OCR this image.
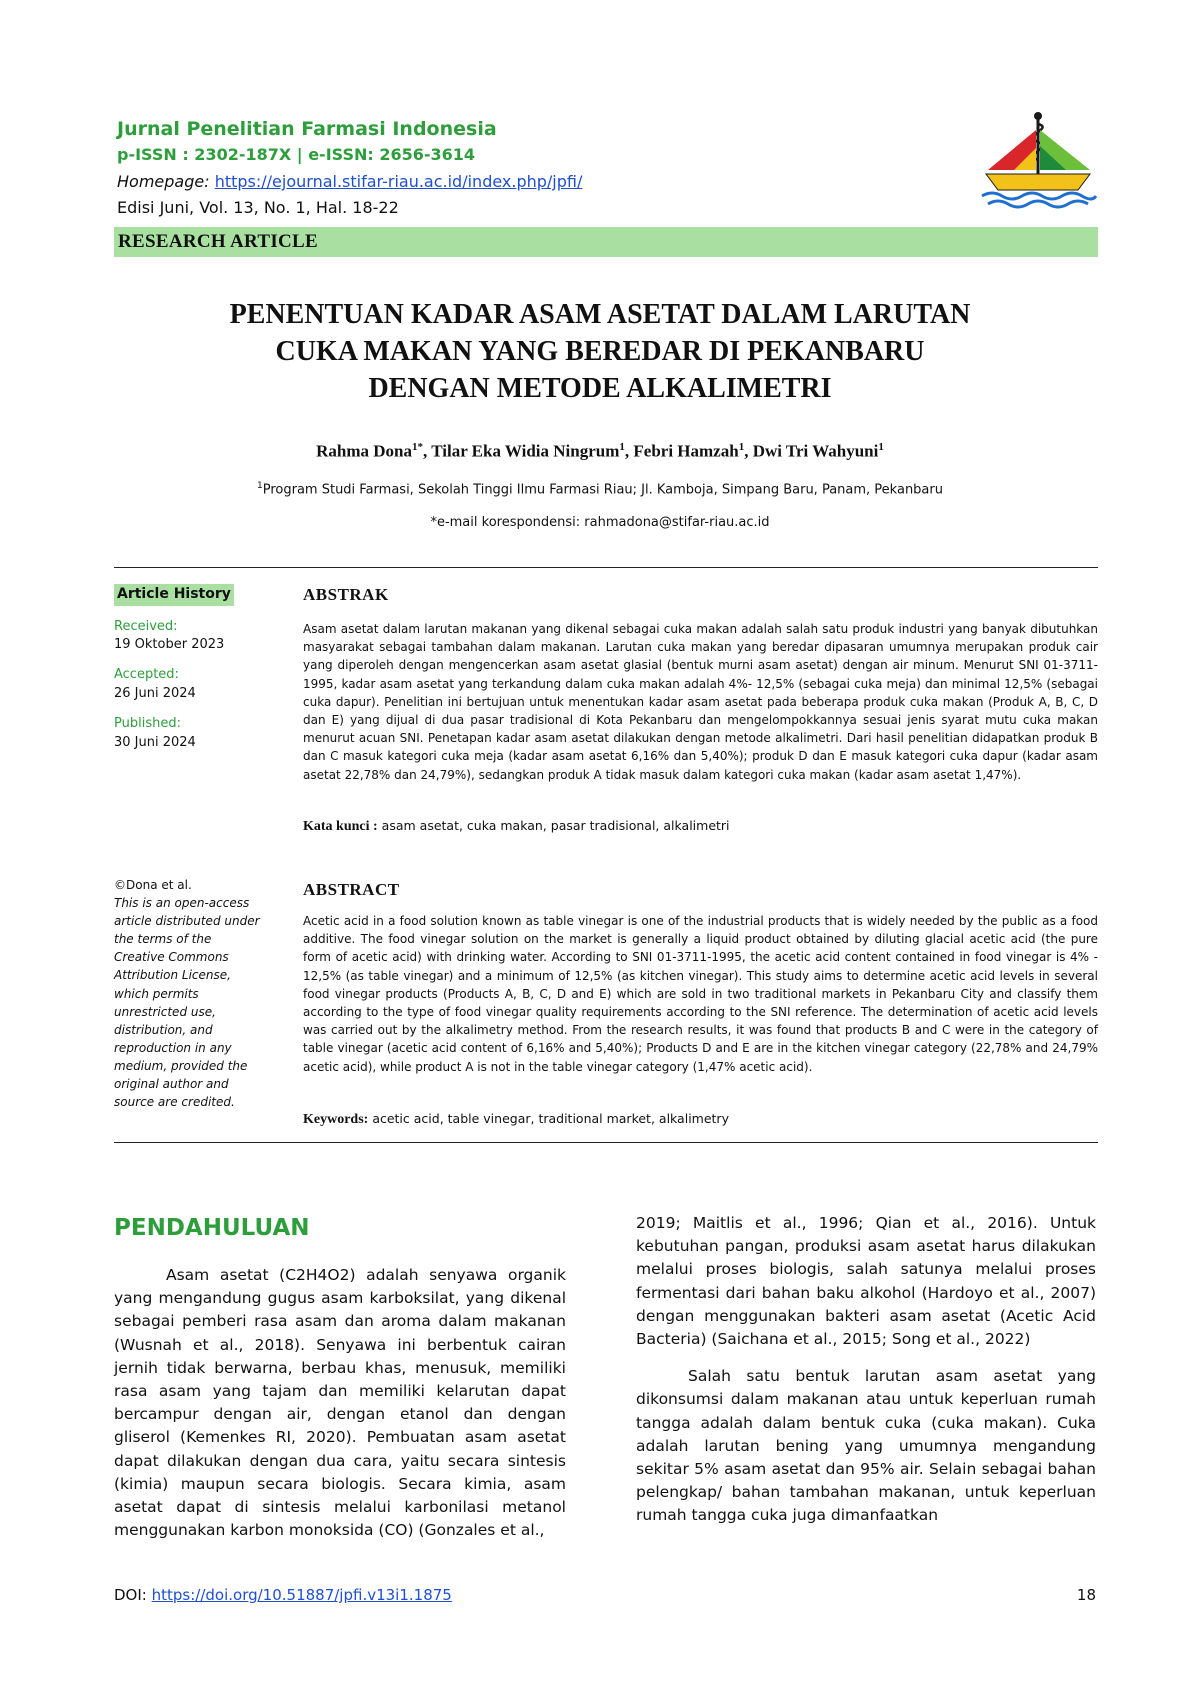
Jurnal Penelitian Farmasi Indonesia
p-ISSN : 2302-187X | e-ISSN: 2656-3614
Homepage: https://ejournal.stifar-riau.ac.id/index.php/jpfi/
Edisi Juni, Vol. 13, No. 1, Hal. 18-22
RESEARCH ARTICLE
PENENTUAN KADAR ASAM ASETAT DALAM LARUTAN
CUKA MAKAN YANG BEREDAR DI PEKANBARU
DENGAN METODE ALKALIMETRI
Rahma Dona$^{1*}$, Tilar Eka Widia Ningrum$^1$, Febri Hamzah$^1$, Dwi Tri Wahyuni$^1$
$^1$Program Studi Farmasi, Sekolah Tinggi Ilmu Farmasi Riau; Jl. Kamboja, Simpang Baru, Panam, Pekanbaru
*e-mail korespondensi: rahmadona@stifar-riau.ac.id
Article History
Received:
19 Oktober 2023
Accepted:
26 Juni 2024
Published:
30 Juni 2024
ABSTRAK
Asam asetat dalam larutan makanan yang dikenal sebagai cuka makan adalah salah satu produk industri yang banyak dibutuhkan masyarakat sebagai tambahan dalam makanan. Larutan cuka makan yang beredar dipasaran umumnya merupakan produk cair yang diperoleh dengan mengencerkan asam asetat glasial (bentuk murni asam asetat) dengan air minum. Menurut SNI 01-3711-1995, kadar asam asetat yang terkandung dalam cuka makan adalah 4%- 12,5% (sebagai cuka meja) dan minimal 12,5% (sebagai cuka dapur). Penelitian ini bertujuan untuk menentukan kadar asam asetat pada beberapa produk cuka makan (Produk A, B, C, D dan E) yang dijual di dua pasar tradisional di Kota Pekanbaru dan mengelompokkannya sesuai jenis syarat mutu cuka makan menurut acuan SNI. Penetapan kadar asam asetat dilakukan dengan metode alkalimetri. Dari hasil penelitian didapatkan produk B dan C masuk kategori cuka meja (kadar asam asetat 6,16% dan 5,40%); produk D dan E masuk kategori cuka dapur (kadar asam asetat 22,78% dan 24,79%), sedangkan produk A tidak masuk dalam kategori cuka makan (kadar asam asetat 1,47%).
Kata kunci : asam asetat, cuka makan, pasar tradisional, alkalimetri
©Dona et al.
This is an open-access article distributed under the terms of the Creative Commons Attribution License, which permits unrestricted use, distribution, and reproduction in any medium, provided the original author and source are credited.
ABSTRACT
Acetic acid in a food solution known as table vinegar is one of the industrial products that is widely needed by the public as a food additive. The food vinegar solution on the market is generally a liquid product obtained by diluting glacial acetic acid (the pure form of acetic acid) with drinking water. According to SNI 01-3711-1995, the acetic acid content contained in food vinegar is 4% - 12,5% (as table vinegar) and a minimum of 12,5% (as kitchen vinegar). This study aims to determine acetic acid levels in several food vinegar products (Products A, B, C, D and E) which are sold in two traditional markets in Pekanbaru City and classify them according to the type of food vinegar quality requirements according to the SNI reference. The determination of acetic acid levels was carried out by the alkalimetry method. From the research results, it was found that products B and C were in the category of table vinegar (acetic acid content of 6,16% and 5,40%); Products D and E are in the kitchen vinegar category (22,78% and 24,79% acetic acid), while product A is not in the table vinegar category (1,47% acetic acid).
Keywords: acetic acid, table vinegar, traditional market, alkalimetry
PENDAHULUAN

Asam asetat (C2H4O2) adalah senyawa organik yang mengandung gugus asam karboksilat, yang dikenal sebagai pemberi rasa asam dan aroma dalam makanan (Wusnah et al., 2018). Senyawa ini berbentuk cairan jernih tidak berwarna, berbau khas, menusuk, memiliki rasa asam yang tajam dan memiliki kelarutan dapat bercampur dengan air, dengan etanol dan dengan gliserol (Kemenkes RI, 2020). Pembuatan asam asetat dapat dilakukan dengan dua cara, yaitu secara sintesis (kimia) maupun secara biologis. Secara kimia, asam asetat dapat di sintesis melalui karbonilasi metanol menggunakan karbon monoksida (CO) (Gonzales et al.,

2019; Maitlis et al., 1996; Qian et al., 2016). Untuk kebutuhan pangan, produksi asam asetat harus dilakukan melalui proses biologis, salah satunya melalui proses fermentasi dari bahan baku alkohol (Hardoyo et al., 2007) dengan menggunakan bakteri asam asetat (Acetic Acid Bacteria) (Saichana et al., 2015; Song et al., 2022)

Salah satu bentuk larutan asam asetat yang dikonsumsi dalam makanan atau untuk keperluan rumah tangga adalah dalam bentuk cuka (cuka makan). Cuka adalah larutan bening yang umumnya mengandung sekitar 5% asam asetat dan 95% air. Selain sebagai bahan pelengkap/ bahan tambahan makanan, untuk keperluan rumah tangga cuka juga dimanfaatkan

DOI: https://doi.org/10.51887/jpfi.v13i1.1875	18
